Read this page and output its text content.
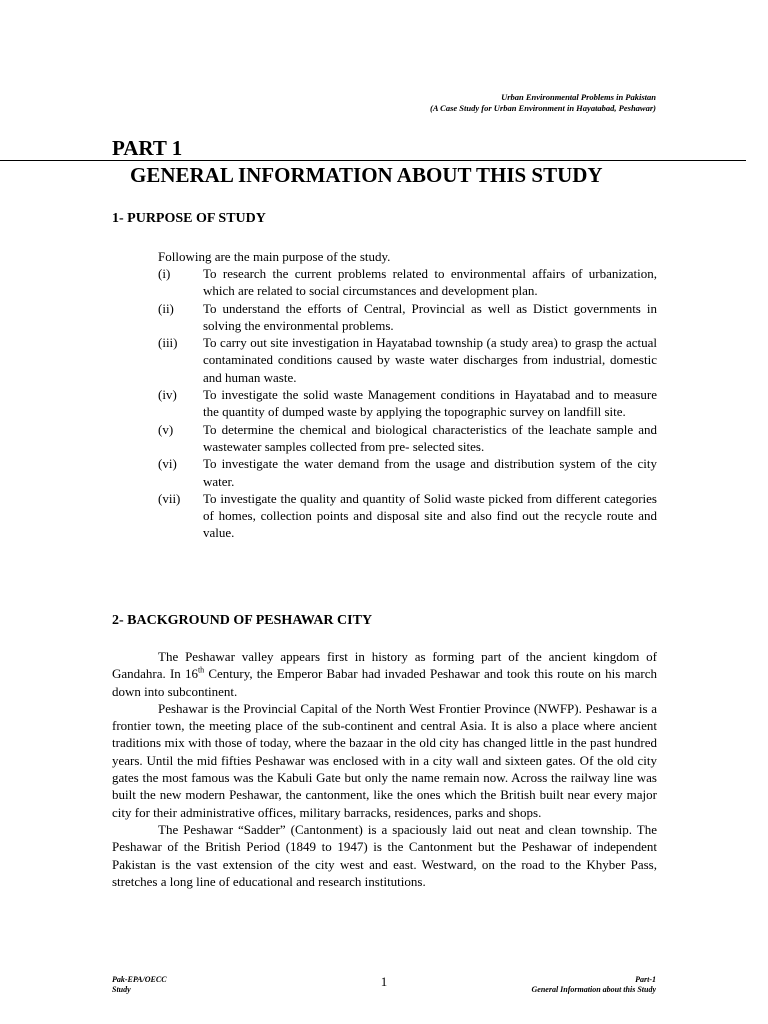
Urban Environmental Problems in Pakistan
(A Case Study for Urban Environment in Hayatabad, Peshawar)
PART 1
GENERAL INFORMATION ABOUT THIS STUDY
1- PURPOSE OF STUDY
Following are the main purpose of the study.
(i)	To research the current problems related to environmental affairs of urbanization, which are related to social circumstances and development plan.
(ii) To understand the efforts of Central, Provincial as well as Distict governments in solving the environmental problems.
(iii) To carry out site investigation in Hayatabad township (a study area) to grasp the actual contaminated conditions caused by waste water discharges from industrial, domestic and human waste.
(iv) To investigate the solid waste Management conditions in Hayatabad and to measure the quantity of dumped waste by applying the topographic survey on landfill site.
(v) To determine the chemical and biological characteristics of the leachate sample and wastewater samples collected from pre- selected sites.
(vi) To investigate the water demand from the usage and distribution system of the city water.
(vii) To investigate the quality and quantity of Solid waste picked from different categories of homes, collection points and disposal site and also find out the recycle route and value.
2- BACKGROUND OF PESHAWAR CITY

The Peshawar valley appears first in history as forming part of the ancient kingdom of Gandahra. In 16th Century, the Emperor Babar had invaded Peshawar and took this route on his march down into subcontinent.

Peshawar is the Provincial Capital of the North West Frontier Province (NWFP). Peshawar is a frontier town, the meeting place of the sub-continent and central Asia. It is also a place where ancient traditions mix with those of today, where the bazaar in the old city has changed little in the past hundred years. Until the mid fifties Peshawar was enclosed with in a city wall and sixteen gates. Of the old city gates the most famous was the Kabuli Gate but only the name remain now. Across the railway line was built the new modern Peshawar, the cantonment, like the ones which the British built near every major city for their administrative offices, military barracks, residences, parks and shops.

The Peshawar “Sadder” (Cantonment) is a spaciously laid out neat and clean township. The Peshawar of the British Period (1849 to 1947) is the Cantonment but the Peshawar of independent Pakistan is the vast extension of the city west and east. Westward, on the road to the Khyber Pass, stretches a long line of educational and research institutions.

Pak-EPA/OECC
Study
1	Part-1
General Information about this Study
